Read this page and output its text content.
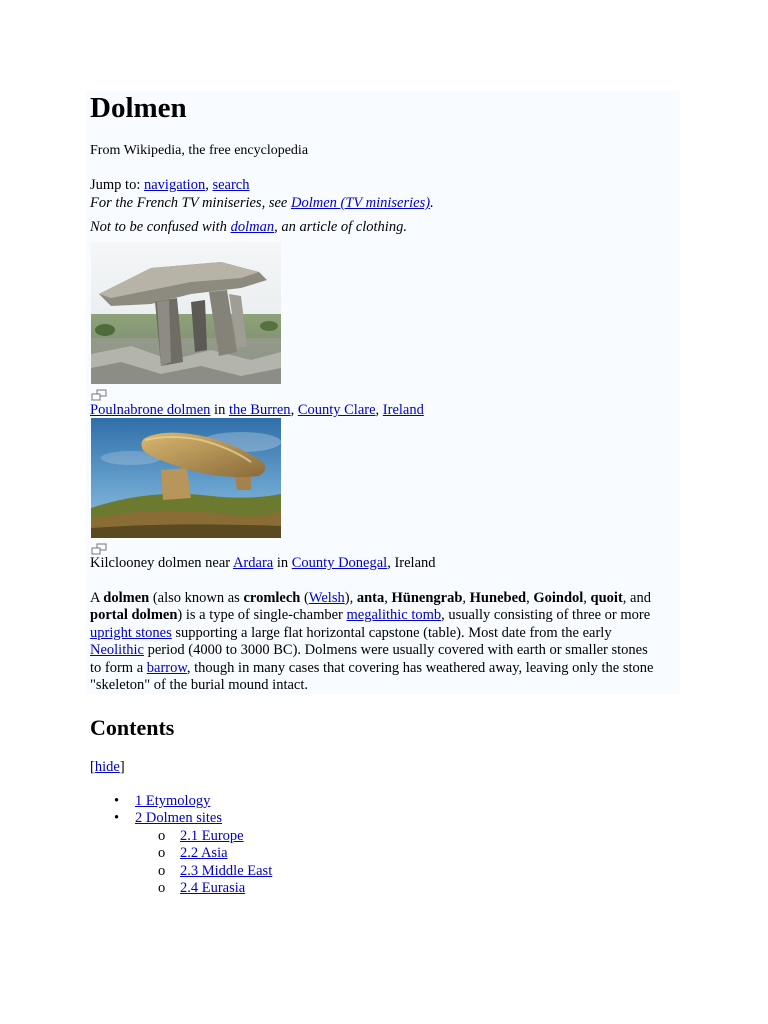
Dolmen
From Wikipedia, the free encyclopedia
Jump to: navigation, search
For the French TV miniseries, see Dolmen (TV miniseries).
Not to be confused with dolman, an article of clothing.
Poulnabrone dolmen in the Burren, County Clare, Ireland
Kilclooney dolmen near Ardara in County Donegal, Ireland
A dolmen (also known as cromlech (Welsh), anta, Hünengrab, Hunebed, Goindol, quoit, and
portal dolmen) is a type of single-chamber megalithic tomb, usually consisting of three or more
upright stones supporting a large flat horizontal capstone (table). Most date from the early
Neolithic period (4000 to 3000 BC). Dolmens were usually covered with earth or smaller stones
to form a barrow, though in many cases that covering has weathered away, leaving only the stone
"skeleton" of the burial mound intact.
Contents
[hide]
• 1 Etymology
• 2 Dolmen sites
o 2.1 Europe
o 2.2 Asia
o 2.3 Middle East
o 2.4 Eurasia
